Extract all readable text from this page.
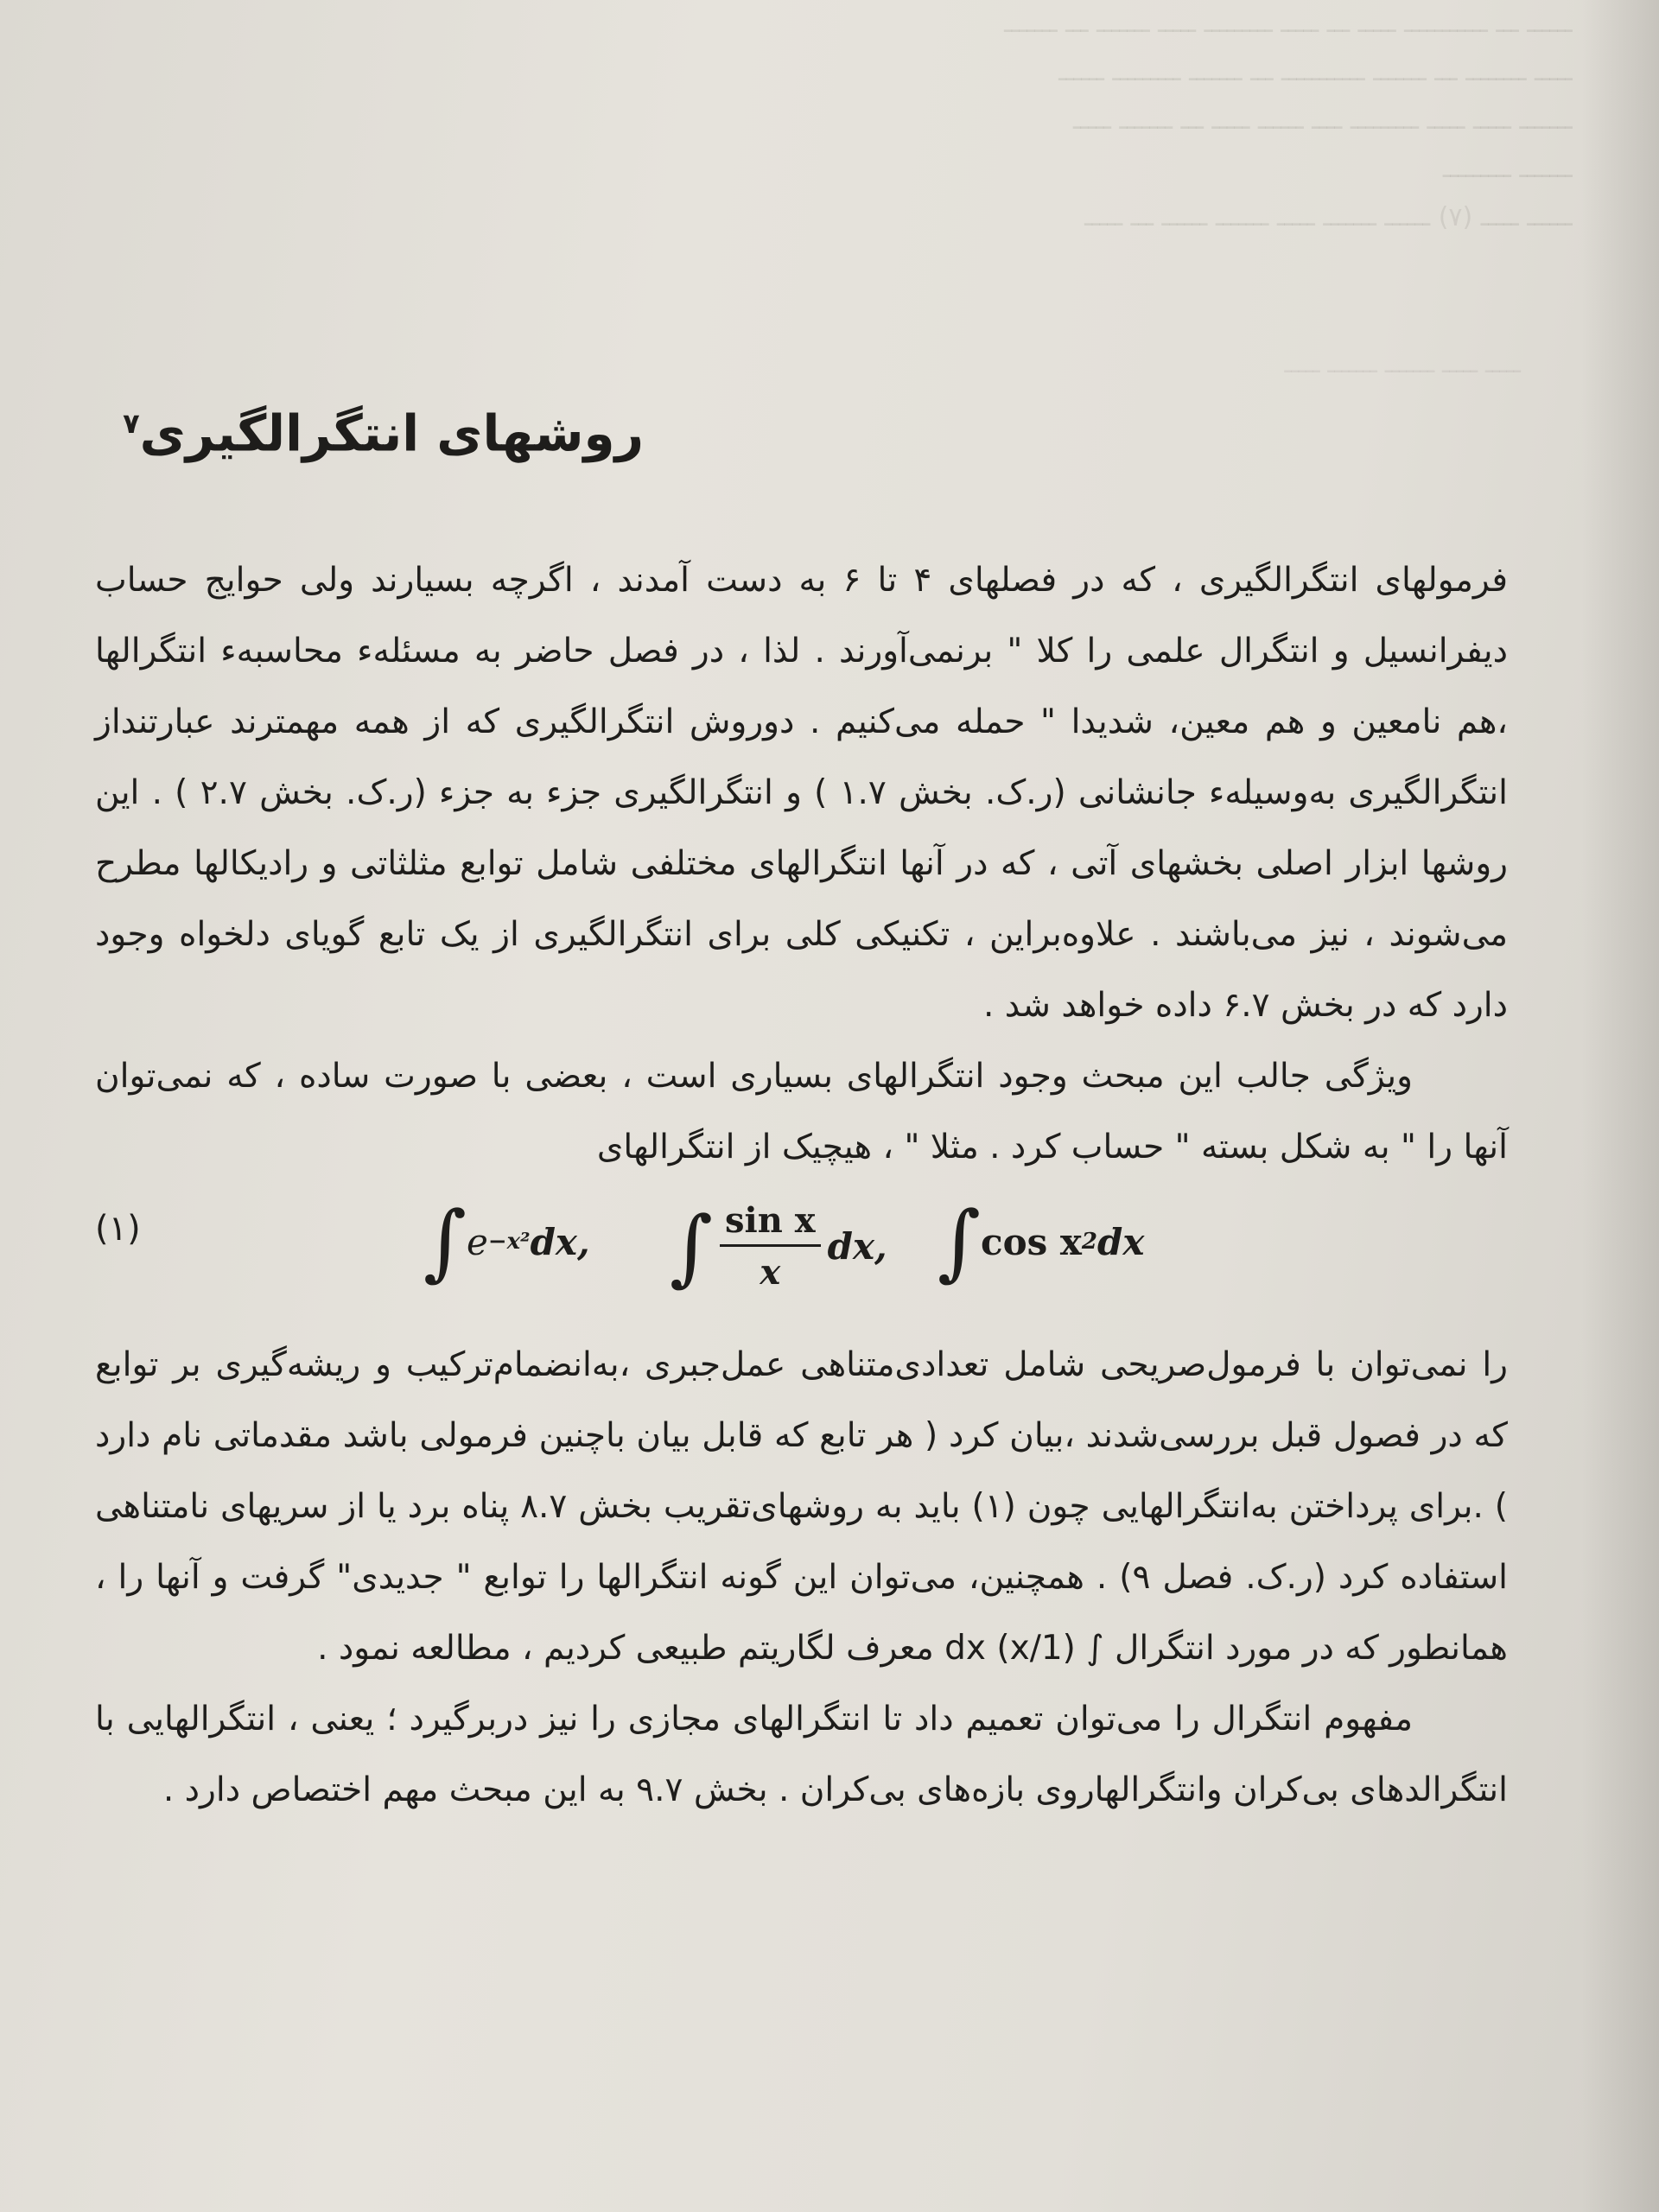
ــــــ ـــ ـــــــــــ ـــــ ـــ ـــــ ـــــــــ ـــــ ـــــــ ـــ ـــــــ
ـــــ ــــــــ ـــ ـــــــ ـــــــــــ ـــ ـــــــ ـــــــــ ــــــ
ـــــــ ـــــ ـــــ ـــــــــ ــــ ــــــ ـــــ ـــ ـــــــ ـــــ
ـــــــ ـــــــــ
ــــــ ـــــ (۷) ــــــ ـــــــ ـــــ ـــــــ ــــــ ـــ ـــــ
ـــــ ـــــ ـــــــ ـــــــ ـــــ
روشهای انتگرالگیری$^۷$

فرمولهای انتگرالگیری ، که در فصلهای ۴ تا ۶ به دست آمدند ، اگرچه بسیارند ولی حوایج حساب دیفرانسیل و انتگرال علمی را کلا " برنمی‌آورند . لذا ، در فصل حاضر به مسئلهء محاسبهء انتگرالها ،هم نامعین و هم معین، شدیدا " حمله می‌کنیم . دوروش انتگرالگیری که از همه مهمترند عبارتنداز انتگرالگیری به‌وسیلهء جانشانی (ر.ک. بخش ۱.۷ ) و انتگرالگیری جزء به جزء (ر.ک. بخش ۲.۷ ) . این روشها ابزار اصلی بخشهای آتی ، که در آنها انتگرالهای مختلفی شامل توابع مثلثاتی و رادیکالها مطرح می‌شوند ، نیز می‌باشند . علاوه‌براین ، تکنیکی کلی برای انتگرالگیری از یک تابع گویای دلخواه وجود دارد که در بخش ۶.۷ داده خواهد شد .

ویژگی جالب این مبحث وجود انتگرالهای بسیاری است ، بعضی با صورت ساده ، که نمی‌توان آنها را " به شکل بسته " حساب کرد . مثلا " ، هیچیک از انتگرالهای

(۱)	∫ e −x² dx, ∫ $\frac{\text{sin x}}{x}$ dx, ∫ cos x 2 dx

را نمی‌توان با فرمول‌صریحی شامل تعدادی‌متناهی عمل‌جبری ،به‌انضمام‌ترکیب و ریشه‌گیری بر توابع که در فصول قبل بررسی‌شدند ،بیان کرد ( هر تابع که قابل بیان باچنین فرمولی باشد مقدماتی نام دارد ) .برای پرداختن به‌انتگرالهایی چون (۱) باید به روشهای‌تقریب بخش ۸.۷ پناه برد یا از سریهای نامتناهی استفاده کرد (ر.ک. فصل ۹) . همچنین، می‌توان این گونه انتگرالها را توابع " جدیدی" گرفت و آنها را ، همانطور که در مورد انتگرال ∫ (1/x) dx معرف لگاریتم طبیعی کردیم ، مطالعه نمود .

مفهوم انتگرال را می‌توان تعمیم داد تا انتگرالهای مجازی را نیز دربرگیرد ؛ یعنی ، انتگرالهایی با انتگرالدهای بی‌کران وانتگرالهاروی بازه‌های بی‌کران . بخش ۹.۷ به این مبحث مهم اختصاص دارد .
